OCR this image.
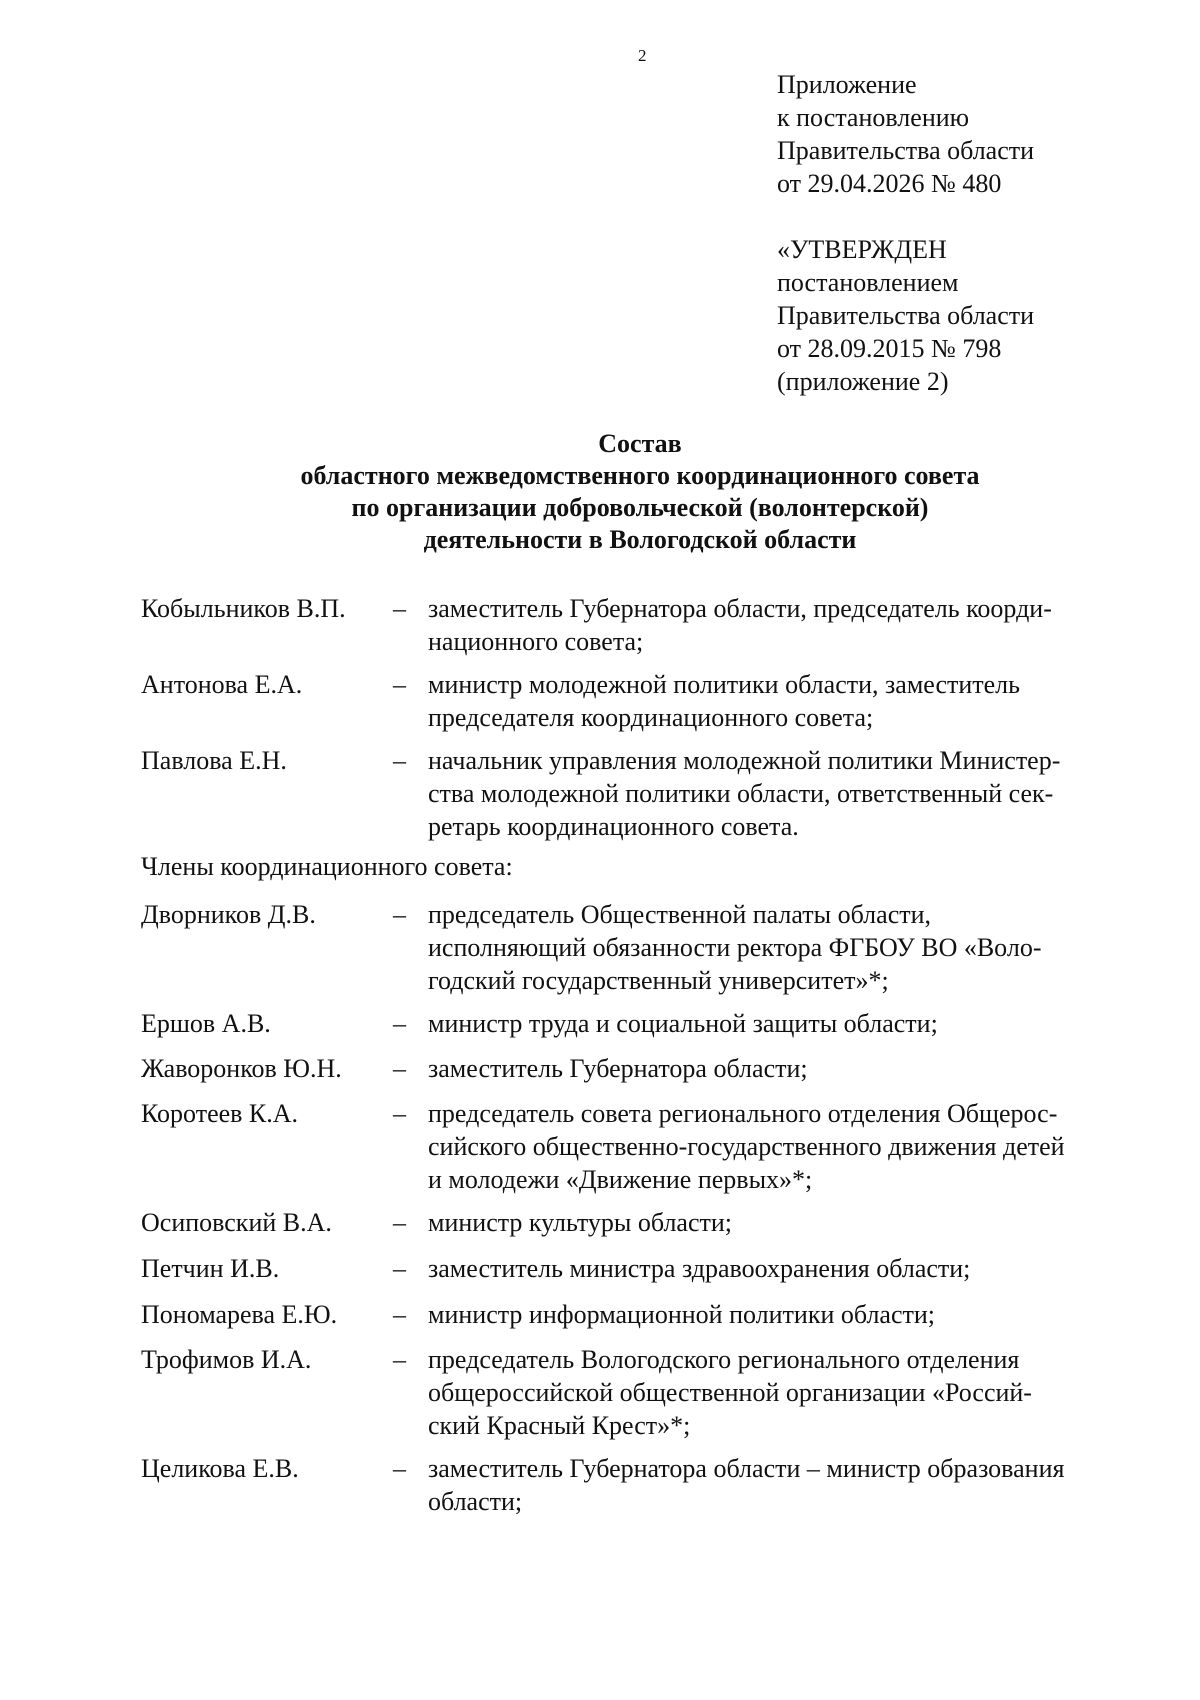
2
Приложение
к постановлению
Правительства области
от 29.04.2026 № 480
«УТВЕРЖДЕН
постановлением
Правительства области
от 28.09.2015 № 798
(приложение 2)
Состав
областного межведомственного координационного совета
по организации добровольческой (волонтерской)
деятельности в Вологодской области
Кобыльников В.П. – заместитель Губернатора области, председатель коорди-
национного совета;
Антонова Е.А.	– министр молодежной политики области, заместитель
председателя координационного совета;
Павлова Е.Н.	– начальник управления молодежной политики Министер-
ства молодежной политики области, ответственный сек-
ретарь координационного совета.
Члены координационного совета:
Дворников Д.В.	– председатель Общественной палаты области,
исполняющий обязанности ректора ФГБОУ ВО «Воло-
годский государственный университет»*;
Ершов А.В.	– министр труда и социальной защиты области;
Жаворонков Ю.Н. – заместитель Губернатора области;
Коротеев К.А.	– председатель совета регионального отделения Общерос-
сийского общественно-государственного движения детей
и молодежи «Движение первых»*;
Осиповский В.А. – министр культуры области;
Петчин И.В.	– заместитель министра здравоохранения области;
Пономарева Е.Ю. – министр информационной политики области;
Трофимов И.А.	– председатель Вологодского регионального отделения
общероссийской общественной организации «Россий-
ский Красный Крест»*;
Целикова Е.В.	– заместитель Губернатора области – министр образования
области;
